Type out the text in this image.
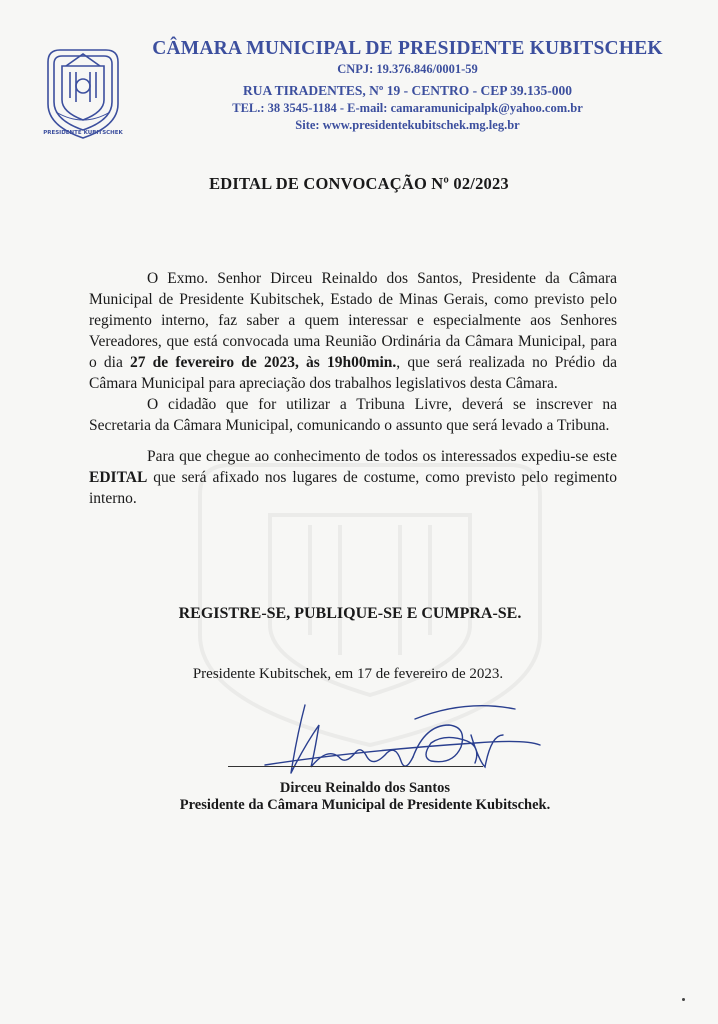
PRESIDENTE KUBITSCHEK

CÂMARA MUNICIPAL DE PRESIDENTE KUBITSCHEK

CNPJ: 19.376.846/0001-59

RUA TIRADENTES, Nº 19 - CENTRO - CEP 39.135-000

TEL.: 38 3545-1184 - E-mail: camaramunicipalpk@yahoo.com.br

Site: www.presidentekubitschek.mg.leg.br

EDITAL DE CONVOCAÇÃO Nº 02/2023

O Exmo. Senhor Dirceu Reinaldo dos Santos, Presidente da Câmara Municipal de Presidente Kubitschek, Estado de Minas Gerais, como previsto pelo regimento interno, faz saber a quem interessar e especialmente aos Senhores Vereadores, que está convocada uma Reunião Ordinária da Câmara Municipal, para o dia 27 de fevereiro de 2023, às 19h00min., que será realizada no Prédio da Câmara Municipal para apreciação dos trabalhos legislativos desta Câmara.

O cidadão que for utilizar a Tribuna Livre, deverá se inscrever na Secretaria da Câmara Municipal, comunicando o assunto que será levado a Tribuna.

Para que chegue ao conhecimento de todos os interessados expediu-se este EDITAL que será afixado nos lugares de costume, como previsto pelo regimento interno.

REGISTRE-SE, PUBLIQUE-SE E CUMPRA-SE.
Presidente Kubitschek, em 17 de fevereiro de 2023.
Dirceu Reinaldo dos Santos
Presidente da Câmara Municipal de Presidente Kubitschek.
